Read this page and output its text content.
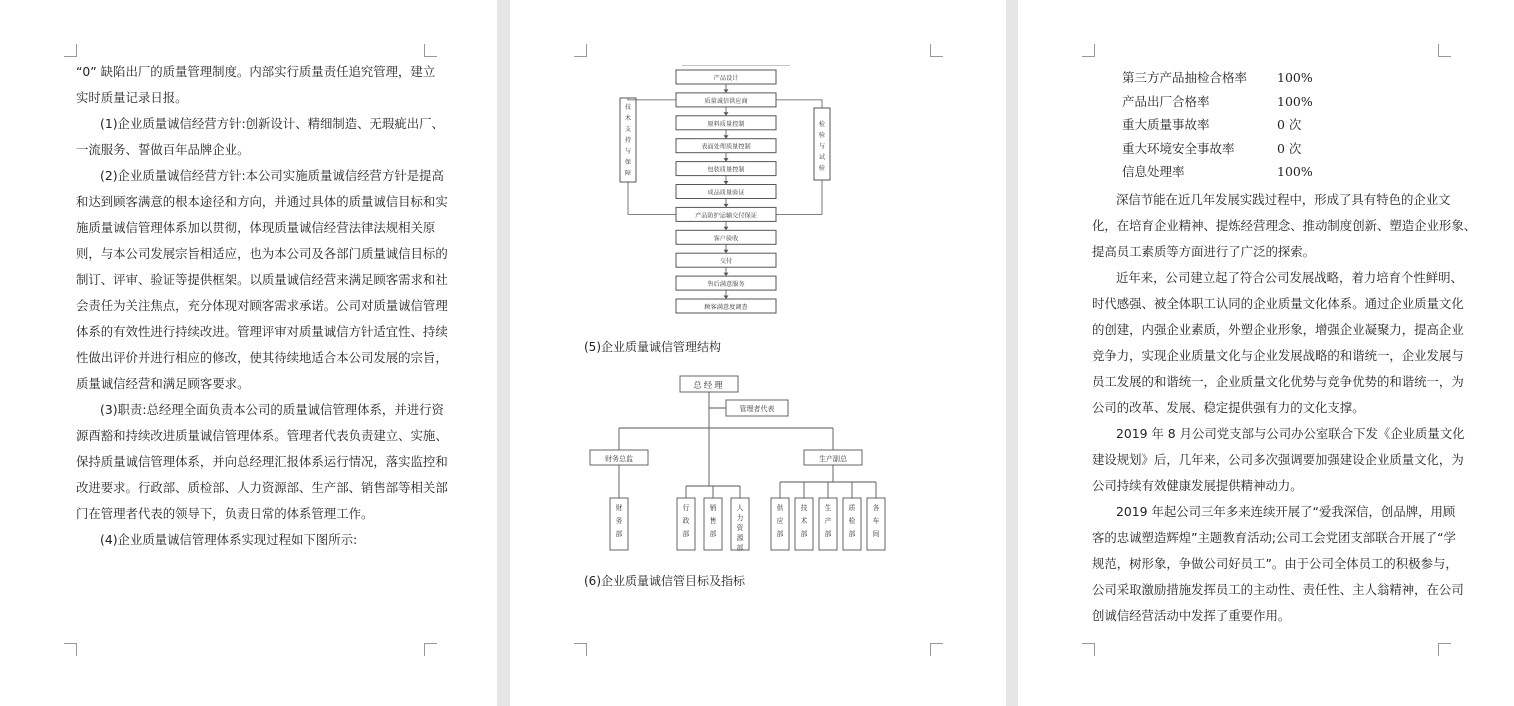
“0” 缺陷出厂的质量管理制度。内部实行质量责任追究管理，建立
实时质量记录日报。

(1)企业质量诚信经营方针:创新设计、精细制造、无瑕疵出厂、
一流服务、誓做百年品牌企业。

(2)企业质量诚信经营方针:本公司实施质量诚信经营方针是提高
和达到顾客满意的根本途径和方向，并通过具体的质量诚信目标和实
施质量诚信管理体系加以贯彻，体现质量诚信经营法律法规相关原
则，与本公司发展宗旨相适应，也为本公司及各部门质量诚信目标的
制订、评审、验证等提供框架。以质量诚信经营来满足顾客需求和社
会责任为关注焦点，充分体现对顾客需求承诺。公司对质量诚信管理
体系的有效性进行持续改进。管理评审对质量诚信方针适宜性、持续
性做出评价并进行相应的修改，使其待续地适合本公司发展的宗旨，
质量诚信经营和满足顾客要求。

(3)职责:总经理全面负责本公司的质量诚信管理体系，并进行资
源酉豁和持续改进质量诚信管理体系。管理者代表负责建立、实施、
保持质量诚信管理体系，并向总经理汇报体系运行情况，落实监控和
改进要求。行政部、质检部、人力资源部、生产部、销售部等相关部
门在管理者代表的领导下，负责日常的体系管理工作。

(4)企业质量诚信管理体系实现过程如下图所示:

产品设计
质量诚信供应商
原料质量控制
表面处理质量控制
包装质量控制
成品质量验证
产品防护运输交付保证
客户验收
交付
售后满意服务
顾客满意度调查
技
术
支
持
与
保
障
检
验
与
试
验
(5)企业质量诚信管理结构
总经理
管理者代表
财务总监	生产副总
财
务
部
行
政
部
销
售
部
人
力
资
源
部
供
应
部
技
术
部
生
产
部
质
检
部
各
车
间
(6)企业质量诚信管目标及指标
第三方产品抽检合格率	100%
产品出厂合格率	100%
重大质量事故率	0 次
重大环境安全事故率	0 次
信息处理率	100%

深信节能在近几年发展实践过程中，形成了具有特色的企业文
化，在培育企业精神、提炼经营理念、推动制度创新、塑造企业形象、
提高员工素质等方面进行了广泛的探索。

近年来，公司建立起了符合公司发展战略，着力培育个性鲜明、
时代感强、被全体职工认同的企业质量文化体系。通过企业质量文化
的创建，内强企业素质，外塑企业形象，增强企业凝聚力，提高企业
竞争力，实现企业质量文化与企业发展战略的和谐统一，企业发展与
员工发展的和谐统一，企业质量文化优势与竞争优势的和谐统一，为
公司的改革、发展、稳定提供强有力的文化支撑。

2019 年 8 月公司党支部与公司办公室联合下发《企业质量文化
建设规划》后，几年来，公司多次强调要加强建设企业质量文化，为
公司持续有效健康发展提供精神动力。

2019 年起公司三年多来连续开展了“爱我深信，创品牌，用顾
客的忠诚塑造辉煌”主题教育活动;公司工会党团支部联合开展了“学
规范，树形象，争做公司好员工”。由于公司全体员工的积极参与，
公司采取激励措施发挥员工的主动性、责任性、主人翁精神，在公司
创诚信经营活动中发挥了重要作用。
